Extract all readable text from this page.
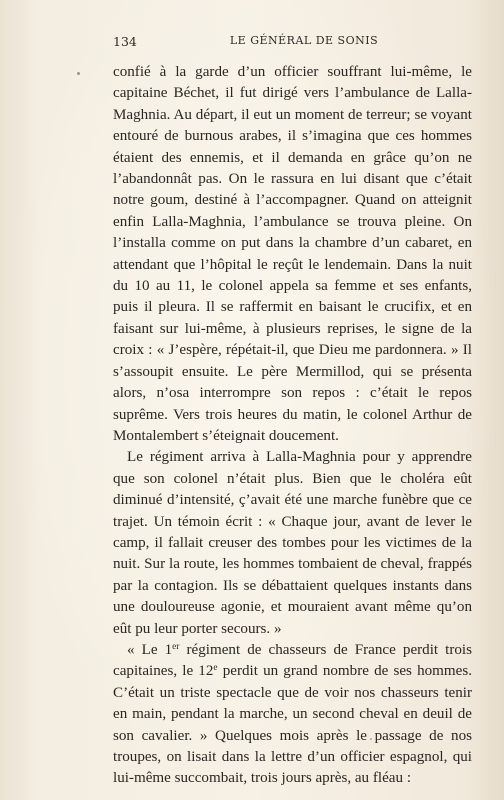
134	LE GÉNÉRAL DE SONIS

confié à la garde d’un officier souffrant lui-même, le capitaine Béchet, il fut dirigé vers l’ambulance de Lalla-Maghnia. Au départ, il eut un moment de terreur; se voyant entouré de burnous arabes, il s’imagina que ces hommes étaient des ennemis, et il demanda en grâce qu’on ne l’abandonnât pas. On le rassura en lui disant que c’était notre goum, destiné à l’accompagner. Quand on atteignit enfin Lalla-Maghnia, l’ambulance se trouva pleine. On l’installa comme on put dans la chambre d’un cabaret, en attendant que l’hôpital le reçût le lendemain. Dans la nuit du 10 au 11, le colonel appela sa femme et ses enfants, puis il pleura. Il se raffermit en baisant le crucifix, et en faisant sur lui-même, à plusieurs reprises, le signe de la croix : « J’espère, répétait-il, que Dieu me pardonnera. » Il s’assoupit ensuite. Le père Mermillod, qui se présenta alors, n’osa interrompre son repos : c’était le repos suprême. Vers trois heures du matin, le colonel Arthur de Montalembert s’éteignait doucement.

Le régiment arriva à Lalla-Maghnia pour y apprendre que son colonel n’était plus. Bien que le choléra eût diminué d’intensité, ç’avait été une marche funèbre que ce trajet. Un témoin écrit : « Chaque jour, avant de lever le camp, il fallait creuser des tombes pour les victimes de la nuit. Sur la route, les hommes tombaient de cheval, frappés par la contagion. Ils se débattaient quelques instants dans une douloureuse agonie, et mouraient avant même qu’on eût pu leur porter secours. »

« Le 1er régiment de chasseurs de France perdit trois capitaines, le 12e perdit un grand nombre de ses hommes. C’était un triste spectacle que de voir nos chasseurs tenir en main, pendant la marche, un second cheval en deuil de son cavalier. » Quelques mois après le passage de nos troupes, on lisait dans la lettre d’un officier espagnol, qui lui-même succombait, trois jours après, au fléau :
